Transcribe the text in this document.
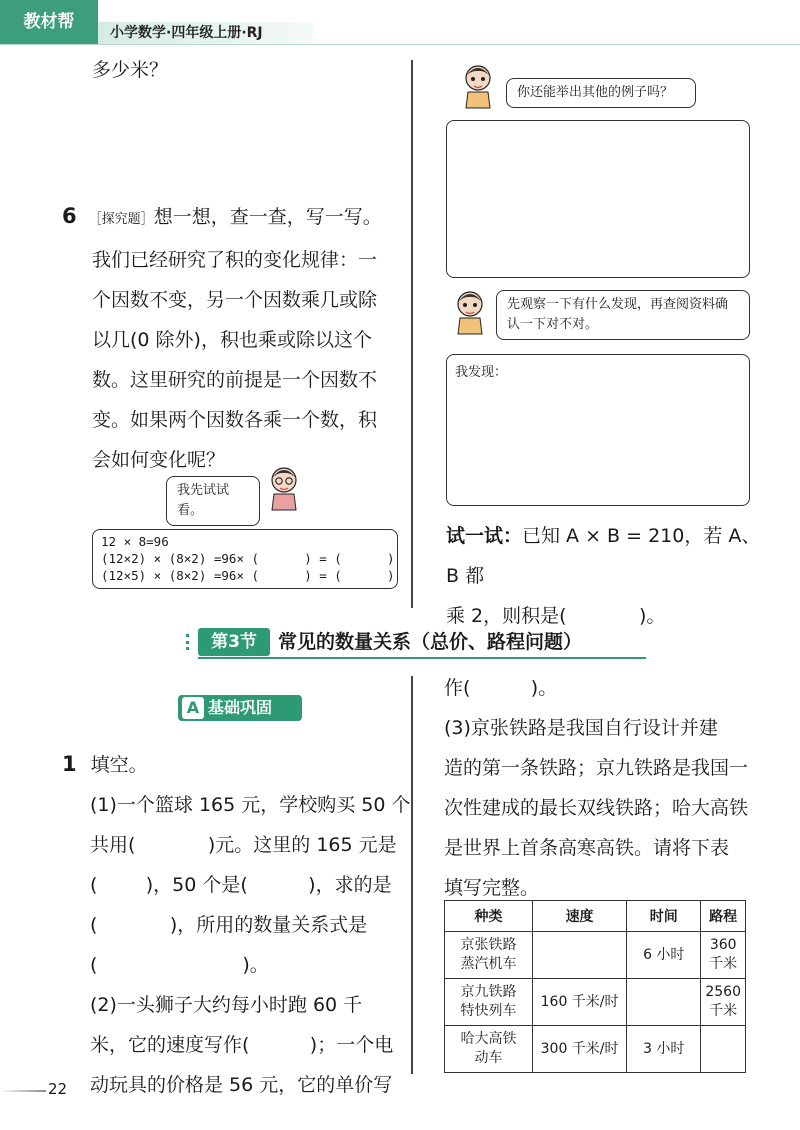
教材帮
小学数学·四年级上册·RJ
多少米？
6 ［探究题］想一想，查一查，写一写。
我们已经研究了积的变化规律：一
个因数不变，另一个因数乘几或除
以几(0 除外)，积也乘或除以这个
数。这里研究的前提是一个因数不
变。如果两个因数各乘一个数，积
会如何变化呢？
我先试试看。
12 × 8=96
(12×2) × (8×2) =96× (      ) = (      )
(12×5) × (8×2) =96× (      ) = (      )
你还能举出其他的例子吗？
先观察一下有什么发现，再查阅资料确认一下对不对。
我发现：
试一试：已知 A × B = 210，若 A、B 都
乘 2，则积是(            )。
第3节	常见的数量关系（总价、路程问题）
A 基础巩固
1 填空。
(1)一个篮球 165 元，学校购买 50 个
共用(            )元。这里的 165 元是
(        )，50 个是(          )，求的是
(            )，所用的数量关系式是
(                        )。
(2)一头狮子大约每小时跑 60 千
米，它的速度写作(          )；一个电
动玩具的价格是 56 元，它的单价写
作(          )。
(3)京张铁路是我国自行设计并建
造的第一条铁路；京九铁路是我国一
次性建成的最长双线铁路；哈大高铁
是世界上首条高寒高铁。请将下表
填写完整。
种类	速度	时间	路程
京张铁路
蒸汽机车		6 小时	360 千米
京九铁路
特快列车	160 千米/时		2560 千米
哈大高铁
动车	300 千米/时	3 小时	
22
